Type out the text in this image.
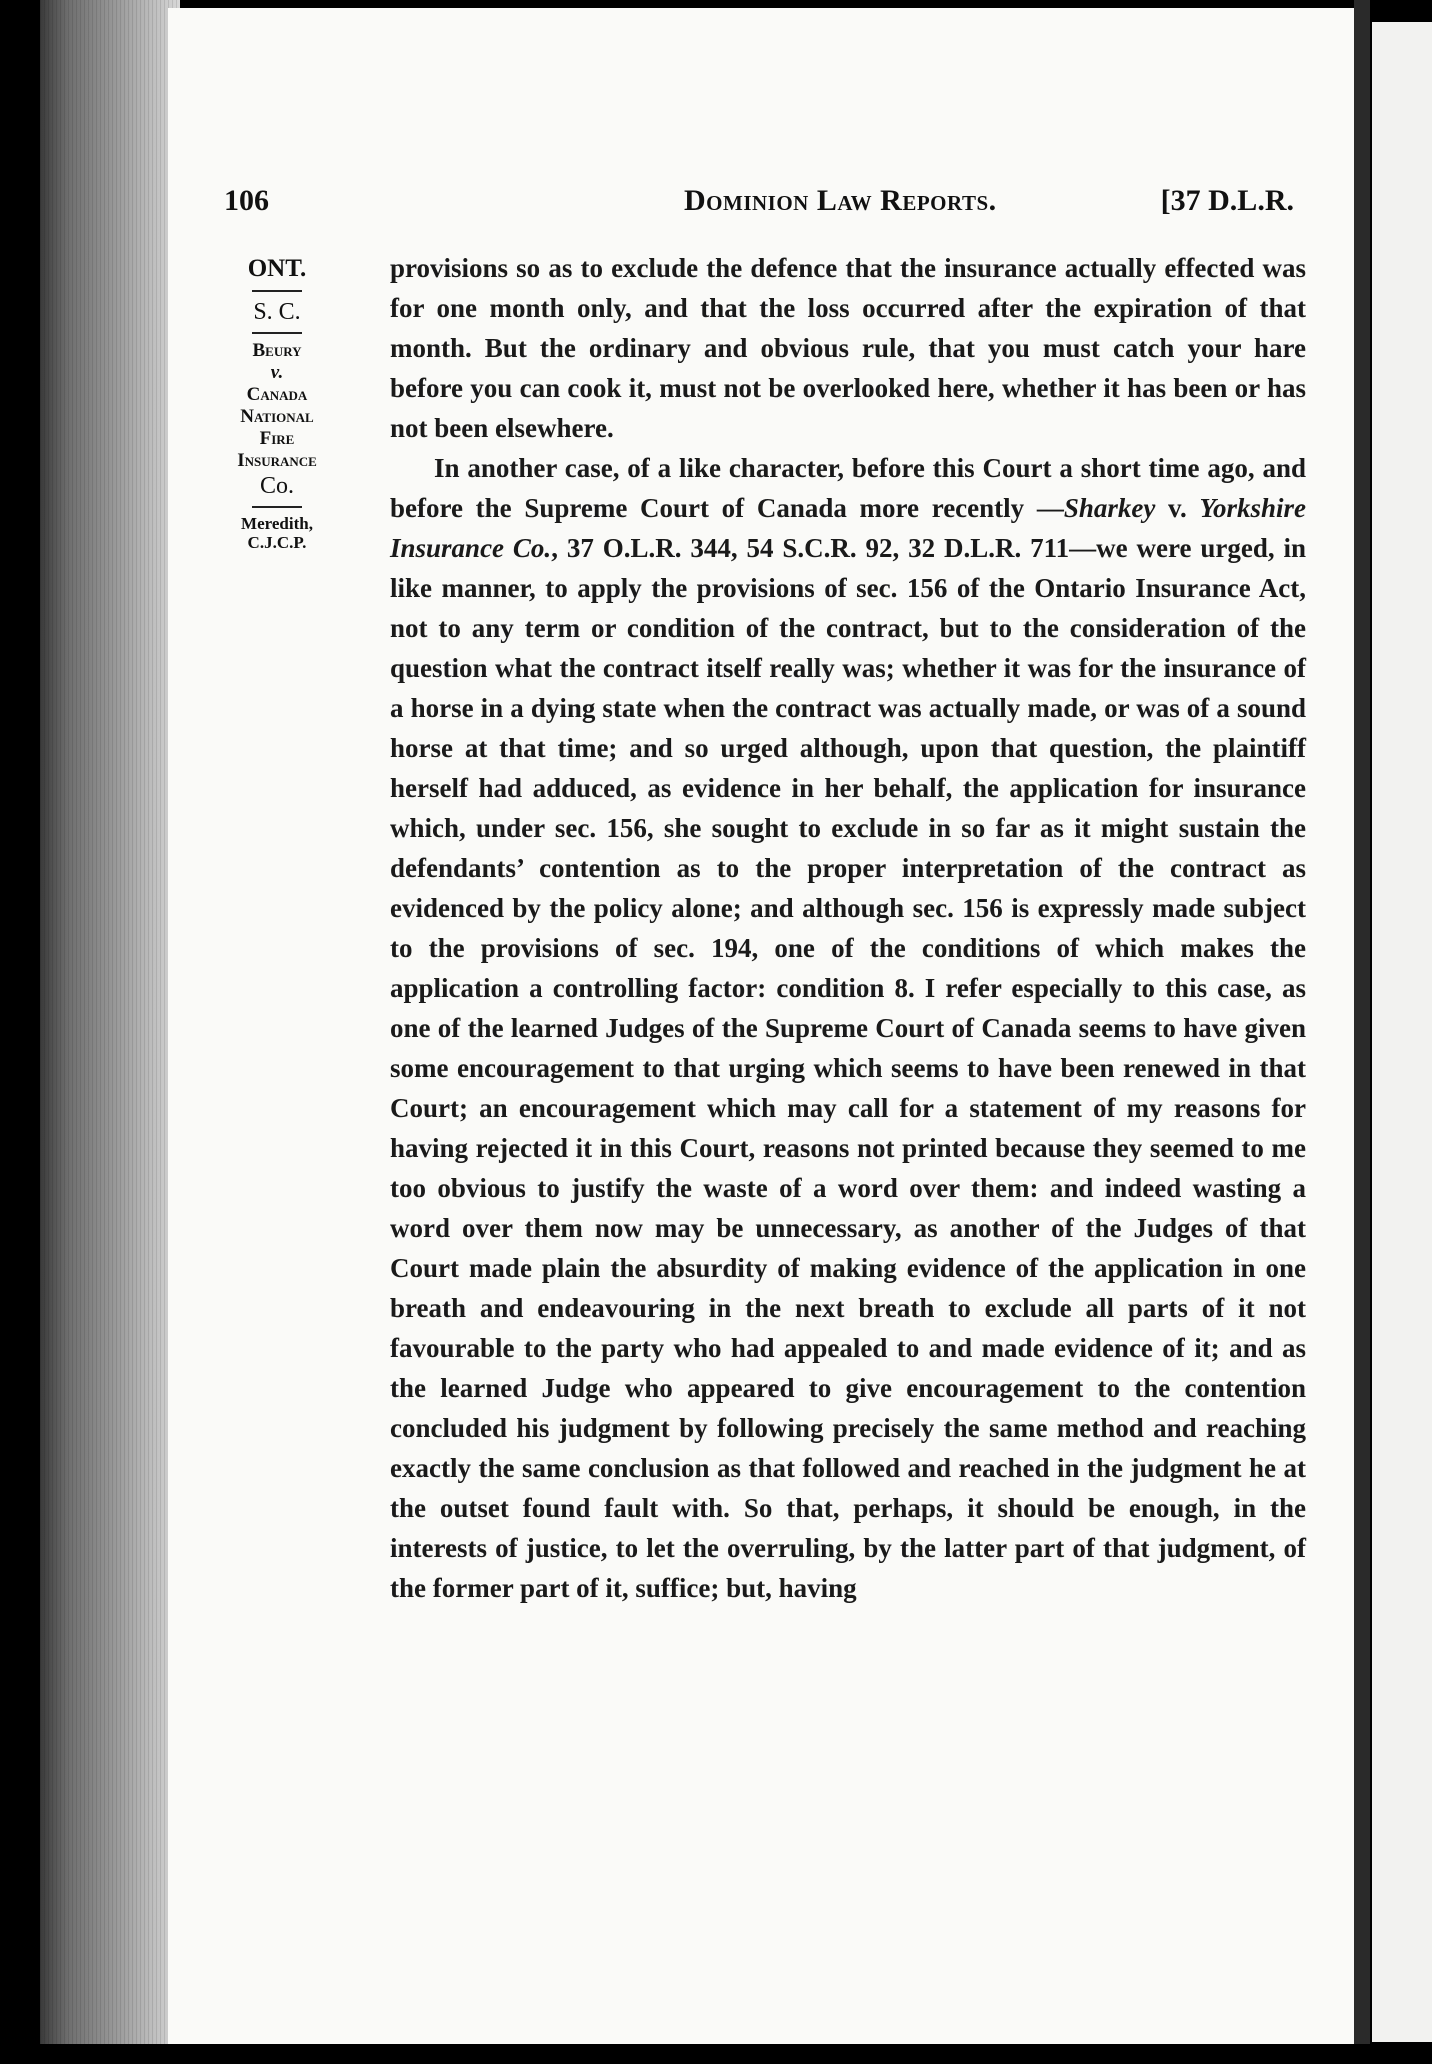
106	Dominion Law Reports.	[37 D.L.R.
ONT.
S. C.
Beury
v.
Canada
National
Fire
Insurance
Co.
Meredith,
C.J.C.P.

provisions so as to exclude the defence that the insurance actually effected was for one month only, and that the loss occurred after the expiration of that month. But the ordinary and obvious rule, that you must catch your hare before you can cook it, must not be overlooked here, whether it has been or has not been elsewhere.

In another case, of a like character, before this Court a short time ago, and before the Supreme Court of Canada more recently —Sharkey v. Yorkshire Insurance Co., 37 O.L.R. 344, 54 S.C.R. 92, 32 D.L.R. 711—we were urged, in like manner, to apply the provisions of sec. 156 of the Ontario Insurance Act, not to any term or condition of the contract, but to the consideration of the question what the contract itself really was; whether it was for the insurance of a horse in a dying state when the contract was actually made, or was of a sound horse at that time; and so urged although, upon that question, the plaintiff herself had adduced, as evidence in her behalf, the application for insurance which, under sec. 156, she sought to exclude in so far as it might sustain the defendants’ contention as to the proper interpretation of the contract as evidenced by the policy alone; and although sec. 156 is expressly made subject to the provisions of sec. 194, one of the conditions of which makes the application a controlling factor: condition 8. I refer especially to this case, as one of the learned Judges of the Supreme Court of Canada seems to have given some encouragement to that urging which seems to have been renewed in that Court; an encouragement which may call for a statement of my reasons for having rejected it in this Court, reasons not printed because they seemed to me too obvious to justify the waste of a word over them: and indeed wasting a word over them now may be unnecessary, as another of the Judges of that Court made plain the absurdity of making evidence of the application in one breath and endeavouring in the next breath to exclude all parts of it not favourable to the party who had appealed to and made evidence of it; and as the learned Judge who appeared to give encouragement to the contention concluded his judgment by following precisely the same method and reaching exactly the same conclusion as that followed and reached in the judgment he at the outset found fault with. So that, perhaps, it should be enough, in the interests of justice, to let the overruling, by the latter part of that judgment, of the former part of it, suffice; but, having
